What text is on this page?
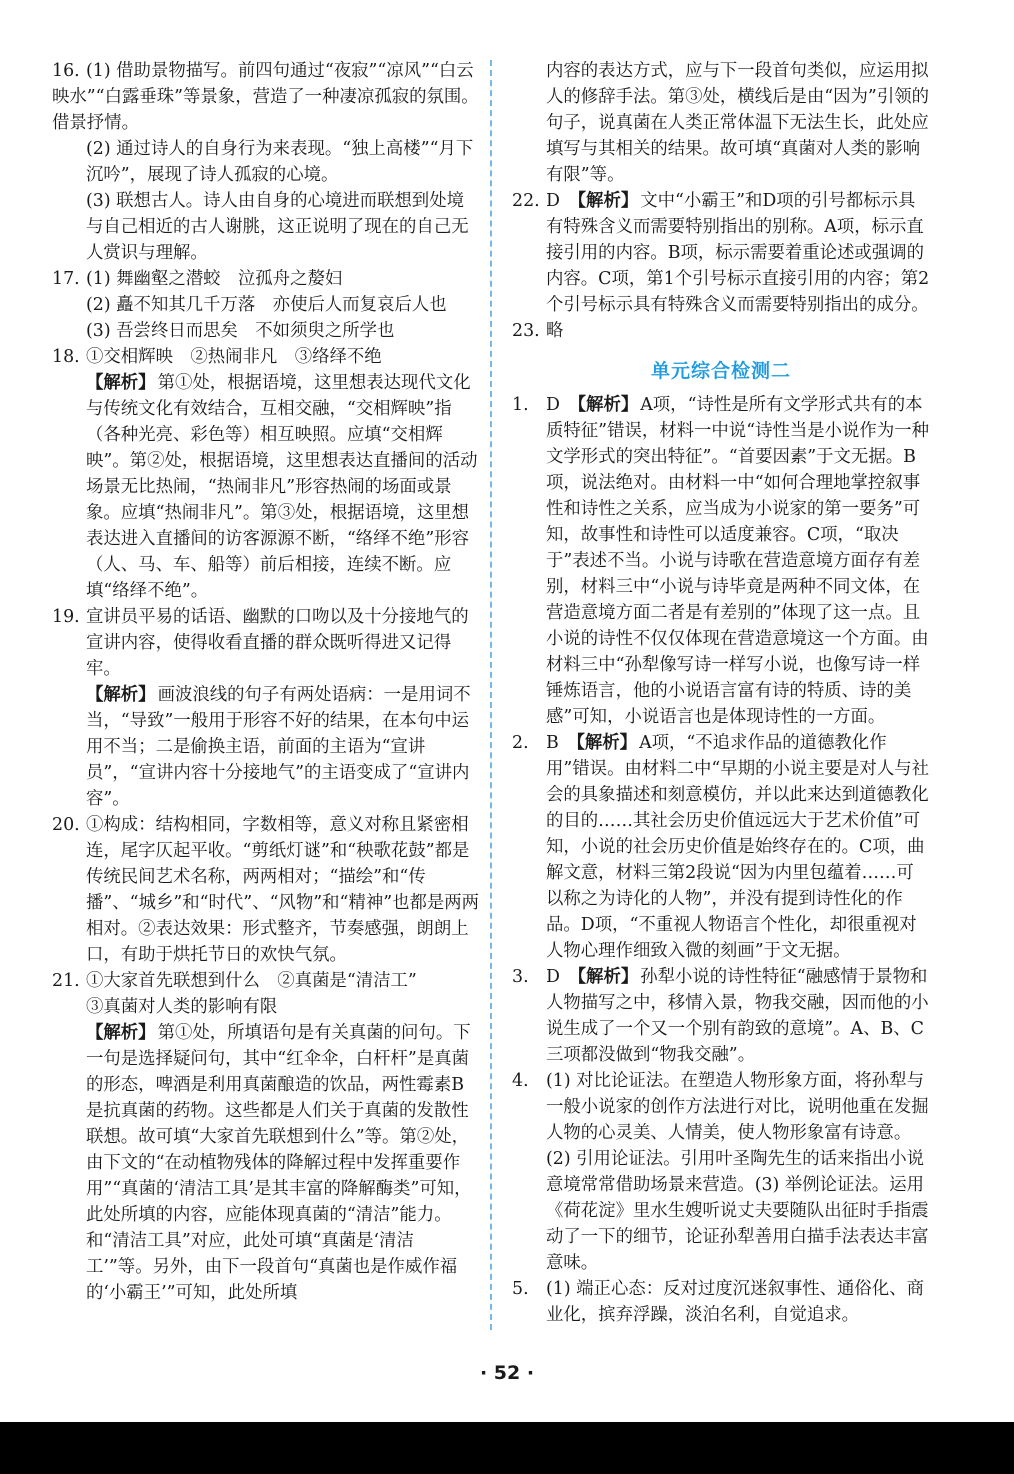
16. (1) 借助景物描写。前四句通过“夜寂”“凉风”“白云映水”“白露垂珠”等景象，营造了一种凄凉孤寂的氛围。借景抒情。

(2) 通过诗人的自身行为来表现。“独上高楼”“月下沉吟”，展现了诗人孤寂的心境。

(3) 联想古人。诗人由自身的心境进而联想到处境与自己相近的古人谢朓，这正说明了现在的自己无人赏识与理解。

17. (1) 舞幽壑之潜蛟　泣孤舟之嫠妇

(2) 矗不知其几千万落　亦使后人而复哀后人也

(3) 吾尝终日而思矣　不如须臾之所学也

18. ①交相辉映　②热闹非凡　③络绎不绝

【解析】 第①处，根据语境，这里想表达现代文化与传统文化有效结合，互相交融，“交相辉映”指（各种光亮、彩色等）相互映照。应填“交相辉映”。第②处，根据语境，这里想表达直播间的活动场景无比热闹，“热闹非凡”形容热闹的场面或景象。应填“热闹非凡”。第③处，根据语境，这里想表达进入直播间的访客源源不断，“络绎不绝”形容（人、马、车、船等）前后相接，连续不断。应填“络绎不绝”。

19. 宣讲员平易的话语、幽默的口吻以及十分接地气的宣讲内容，使得收看直播的群众既听得进又记得牢。

【解析】 画波浪线的句子有两处语病：一是用词不当，“导致”一般用于形容不好的结果，在本句中运用不当；二是偷换主语，前面的主语为“宣讲员”，“宣讲内容十分接地气”的主语变成了“宣讲内容”。

20. ①构成：结构相同，字数相等，意义对称且紧密相连，尾字仄起平收。“剪纸灯谜”和“秧歌花鼓”都是传统民间艺术名称，两两相对；“描绘”和“传播”、“城乡”和“时代”、“风物”和“精神”也都是两两相对。②表达效果：形式整齐，节奏感强，朗朗上口，有助于烘托节日的欢快气氛。

21. ①大家首先联想到什么　②真菌是“清洁工”

③真菌对人类的影响有限

【解析】 第①处，所填语句是有关真菌的问句。下一句是选择疑问句，其中“红伞伞，白杆杆”是真菌的形态，啤酒是利用真菌酿造的饮品，两性霉素B是抗真菌的药物。这些都是人们关于真菌的发散性联想。故可填“大家首先联想到什么”等。第②处，由下文的“在动植物残体的降解过程中发挥重要作用”“真菌的‘清洁工具’是其丰富的降解酶类”可知，此处所填的内容，应能体现真菌的“清洁”能力。和“清洁工具”对应，此处可填“真菌是‘清洁工’”等。另外，由下一段首句“真菌也是作威作福的‘小霸王’”可知，此处所填

内容的表达方式，应与下一段首句类似，应运用拟人的修辞手法。第③处，横线后是由“因为”引领的句子，说真菌在人类正常体温下无法生长，此处应填写与其相关的结果。故可填“真菌对人类的影响有限”等。

22. D　 【解析】 文中“小霸王”和D项的引号都标示具有特殊含义而需要特别指出的别称。A项，标示直接引用的内容。B项，标示需要着重论述或强调的内容。C项，第1个引号标示直接引用的内容；第2个引号标示具有特殊含义而需要特别指出的成分。

23. 略

单元综合检测二

1.	D　 【解析】 A项，“诗性是所有文学形式共有的本质特征”错误，材料一中说“诗性当是小说作为一种文学形式的突出特征”。“首要因素”于文无据。B项，说法绝对。由材料一中“如何合理地掌控叙事性和诗性之关系，应当成为小说家的第一要务”可知，故事性和诗性可以适度兼容。C项，“取决于”表述不当。小说与诗歌在营造意境方面存有差别，材料三中“小说与诗毕竟是两种不同文体，在营造意境方面二者是有差别的”体现了这一点。且小说的诗性不仅仅体现在营造意境这一个方面。由材料三中“孙犁像写诗一样写小说，也像写诗一样锤炼语言，他的小说语言富有诗的特质、诗的美感”可知，小说语言也是体现诗性的一方面。

2.	B　 【解析】 A项，“不追求作品的道德教化作用”错误。由材料二中“早期的小说主要是对人与社会的具象描述和刻意模仿，并以此来达到道德教化的目的……其社会历史价值远远大于艺术价值”可知，小说的社会历史价值是始终存在的。C项，曲解文意，材料三第2段说“因为内里包蕴着……可以称之为诗化的人物”，并没有提到诗性化的作品。D项，“不重视人物语言个性化，却很重视对人物心理作细致入微的刻画”于文无据。

3.	D　 【解析】 孙犁小说的诗性特征“融感情于景物和人物描写之中，移情入景，物我交融，因而他的小说生成了一个又一个别有韵致的意境”。A、B、C三项都没做到“物我交融”。

4.	(1) 对比论证法。在塑造人物形象方面，将孙犁与一般小说家的创作方法进行对比，说明他重在发掘人物的心灵美、人情美，使人物形象富有诗意。(2) 引用论证法。引用叶圣陶先生的话来指出小说意境常常借助场景来营造。(3) 举例论证法。运用《荷花淀》里水生嫂听说丈夫要随队出征时手指震动了一下的细节，论证孙犁善用白描手法表达丰富意味。

5.	(1) 端正心态：反对过度沉迷叙事性、通俗化、商业化，摈弃浮躁，淡泊名利，自觉追求。

· 52 ·
